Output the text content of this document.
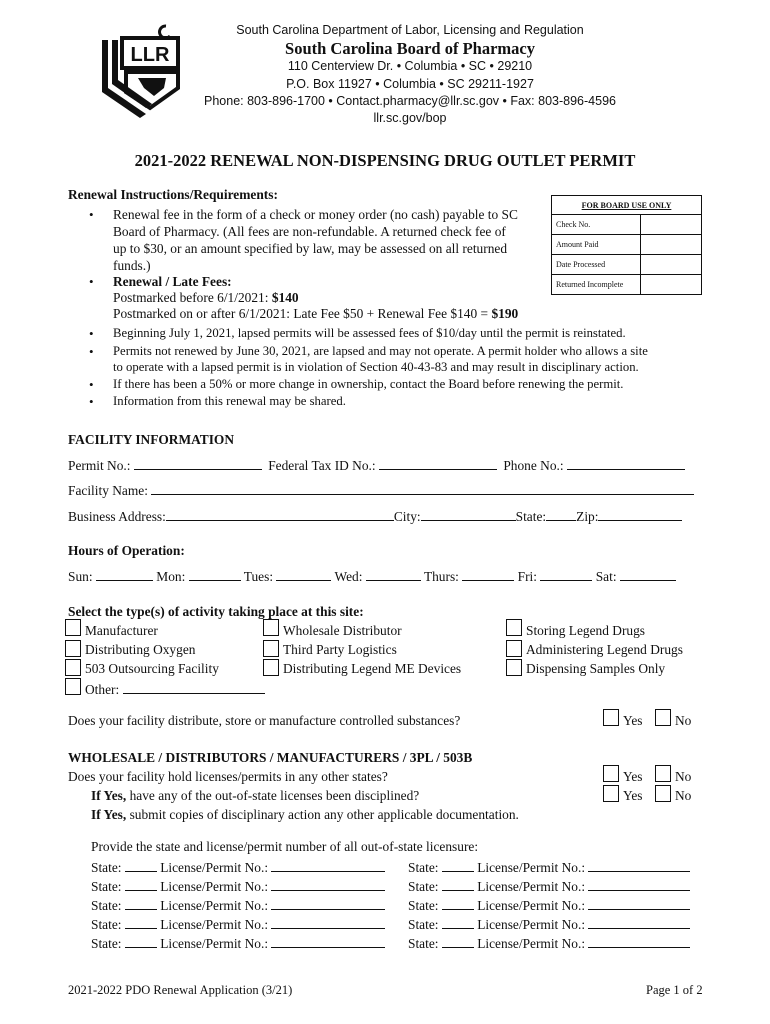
LLR
South Carolina Department of Labor, Licensing and Regulation
South Carolina Board of Pharmacy
110 Centerview Dr. • Columbia • SC • 29210
P.O. Box 11927 • Columbia • SC 29211-1927
Phone: 803-896-1700 • Contact.pharmacy@llr.sc.gov • Fax: 803-896-4596
llr.sc.gov/bop
2021-2022 RENEWAL NON-DISPENSING DRUG OUTLET PERMIT
Renewal Instructions/Requirements:
• Renewal fee in the form of a check or money order (no cash) payable to SC
Board of Pharmacy. (All fees are non-refundable. A returned check fee of
up to $30, or an amount specified by law, may be assessed on all returned
funds.)
• Renewal / Late Fees:
Postmarked before 6/1/2021: $140
Postmarked on or after 6/1/2021: Late Fee $50 + Renewal Fee $140 = $190
• Beginning July 1, 2021, lapsed permits will be assessed fees of $10/day until the permit is reinstated.
• Permits not renewed by June 30, 2021, are lapsed and may not operate. A permit holder who allows a site
to operate with a lapsed permit is in violation of Section 40-43-83 and may result in disciplinary action.
• If there has been a 50% or more change in ownership, contact the Board before renewing the permit.
• Information from this renewal may be shared.
FOR BOARD USE ONLY	
Check No.	
Amount Paid	
Date Processed	
Returned Incomplete	
FACILITY INFORMATION
Permit No.:	Federal Tax ID No.:	Phone No.:
Facility Name:
Business Address:	City:	State: Zip:
Hours of Operation:
Sun:	Mon:	Tues:	Wed:	Thurs:	Fri:	Sat:
Select the type(s) of activity taking place at this site:
Manufacturer
Distributing Oxygen
503 Outsourcing Facility
Other:
Wholesale Distributor
Third Party Logistics
Distributing Legend ME Devices
Storing Legend Drugs
Administering Legend Drugs
Dispensing Samples Only
Does your facility distribute, store or manufacture controlled substances?	Yes No
WHOLESALE / DISTRIBUTORS / MANUFACTURERS / 3PL / 503B
Does your facility hold licenses/permits in any other states?	Yes No
If Yes, have any of the out-of-state licenses been disciplined?	Yes No
If Yes, submit copies of disciplinary action any other applicable documentation.
Provide the state and license/permit number of all out-of-state licensure:
State:	License/Permit No.:	State:	License/Permit No.:
State:	License/Permit No.:	State:	License/Permit No.:
State:	License/Permit No.:	State:	License/Permit No.:
State:	License/Permit No.:	State:	License/Permit No.:
State:	License/Permit No.:	State:	License/Permit No.:
2021-2022 PDO Renewal Application (3/21)	Page 1 of 2
